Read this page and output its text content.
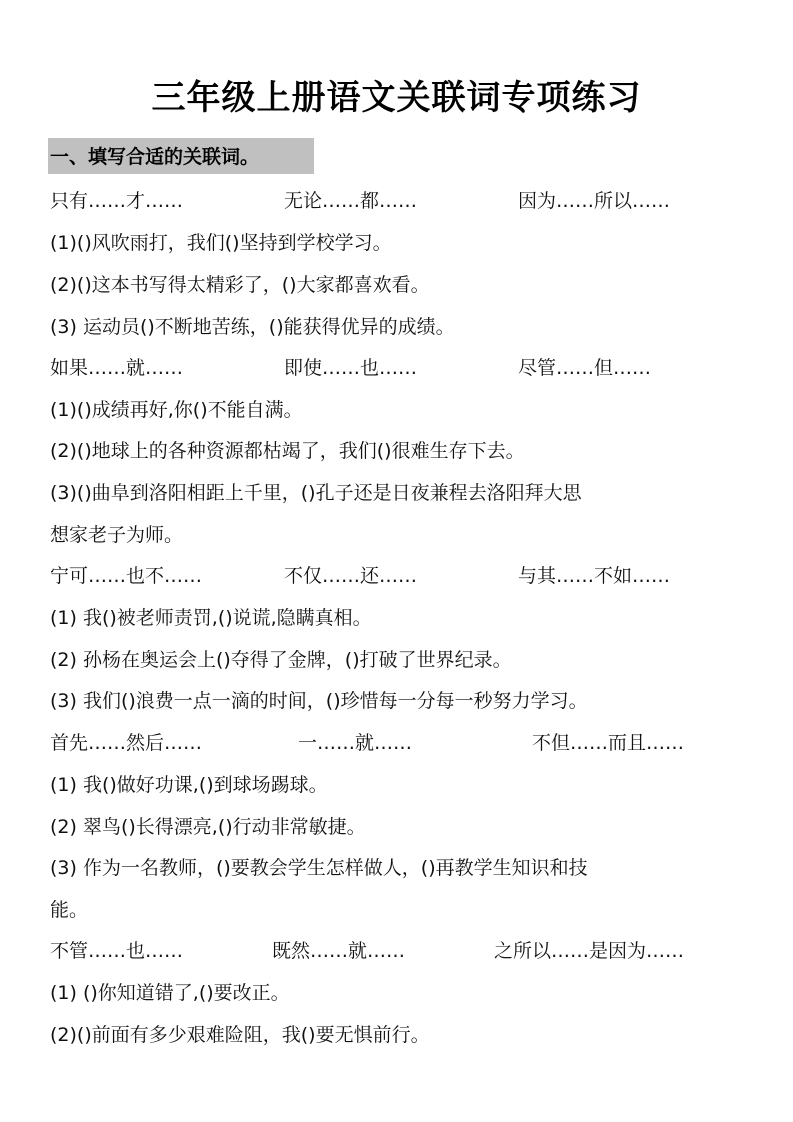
三年级上册语文关联词专项练习
一、填写合适的关联词。
只有……才……	无论……都……	因为……所以……
(1)()风吹雨打，我们()坚持到学校学习。
(2)()这本书写得太精彩了，()大家都喜欢看。
(3) 运动员()不断地苦练，()能获得优异的成绩。
如果……就……	即使……也……	尽管……但……
(1)()成绩再好,你()不能自满。
(2)()地球上的各种资源都枯竭了，我们()很难生存下去。
(3)()曲阜到洛阳相距上千里，()孔子还是日夜兼程去洛阳拜大思
想家老子为师。
宁可……也不……	不仅……还……	与其……不如……
(1) 我()被老师责罚,()说谎,隐瞒真相。
(2) 孙杨在奥运会上()夺得了金牌，()打破了世界纪录。
(3) 我们()浪费一点一滴的时间，()珍惜每一分每一秒努力学习。
首先……然后……	一……就……	不但……而且……
(1) 我()做好功课,()到球场踢球。
(2) 翠鸟()长得漂亮,()行动非常敏捷。
(3) 作为一名教师，()要教会学生怎样做人，()再教学生知识和技
能。
不管……也……	既然……就……	之所以……是因为……
(1) ()你知道错了,()要改正。
(2)()前面有多少艰难险阻，我()要无惧前行。
